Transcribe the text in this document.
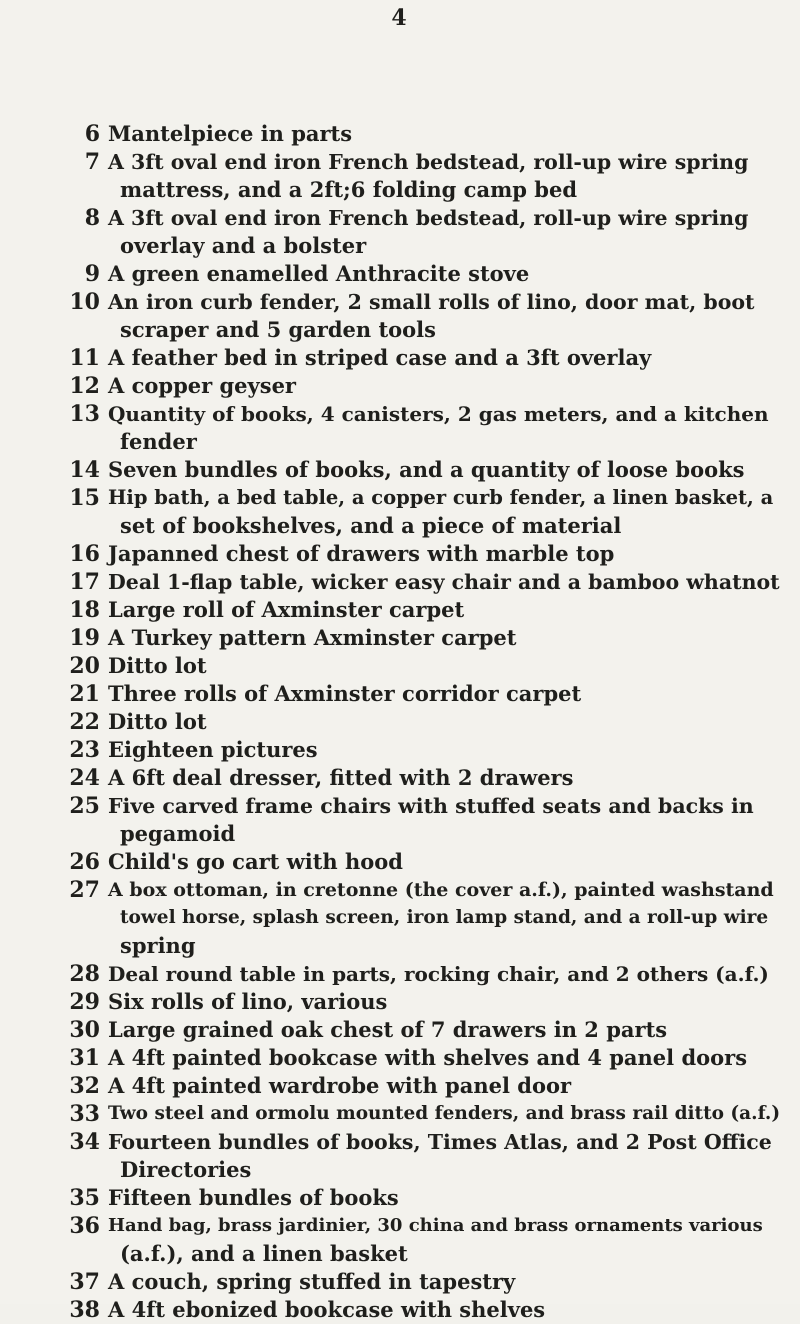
4
6 Mantelpiece in parts
7 A 3ft oval end iron French bedstead, roll-up wire spring
mattress, and a 2ft;6 folding camp bed
8 A 3ft oval end iron French bedstead, roll-up wire spring
overlay and a bolster
9 A green enamelled Anthracite stove
10 An iron curb fender, 2 small rolls of lino, door mat, boot
scraper and 5 garden tools
11 A feather bed in striped case and a 3ft overlay
12 A copper geyser
13 Quantity of books, 4 canisters, 2 gas meters, and a kitchen
fender
14 Seven bundles of books, and a quantity of loose books
15 Hip bath, a bed table, a copper curb fender, a linen basket, a
set of bookshelves, and a piece of material
16 Japanned chest of drawers with marble top
17 Deal 1-flap table, wicker easy chair and a bamboo whatnot
18 Large roll of Axminster carpet
19 A Turkey pattern Axminster carpet
20 Ditto lot
21 Three rolls of Axminster corridor carpet
22 Ditto lot
23 Eighteen pictures
24 A 6ft deal dresser, fitted with 2 drawers
25 Five carved frame chairs with stuffed seats and backs in
pegamoid
26 Child's go cart with hood
27 A box ottoman, in cretonne (the cover a.f.), painted washstand
towel horse, splash screen, iron lamp stand, and a roll-up wire
spring
28 Deal round table in parts, rocking chair, and 2 others (a.f.)
29 Six rolls of lino, various
30 Large grained oak chest of 7 drawers in 2 parts
31 A 4ft painted bookcase with shelves and 4 panel doors
32 A 4ft painted wardrobe with panel door
33 Two steel and ormolu mounted fenders, and brass rail ditto (a.f.)
34 Fourteen bundles of books, Times Atlas, and 2 Post Office
Directories
35 Fifteen bundles of books
36 Hand bag, brass jardinier, 30 china and brass ornaments various
(a.f.), and a linen basket
37 A couch, spring stuffed in tapestry
38 A 4ft ebonized bookcase with shelves
